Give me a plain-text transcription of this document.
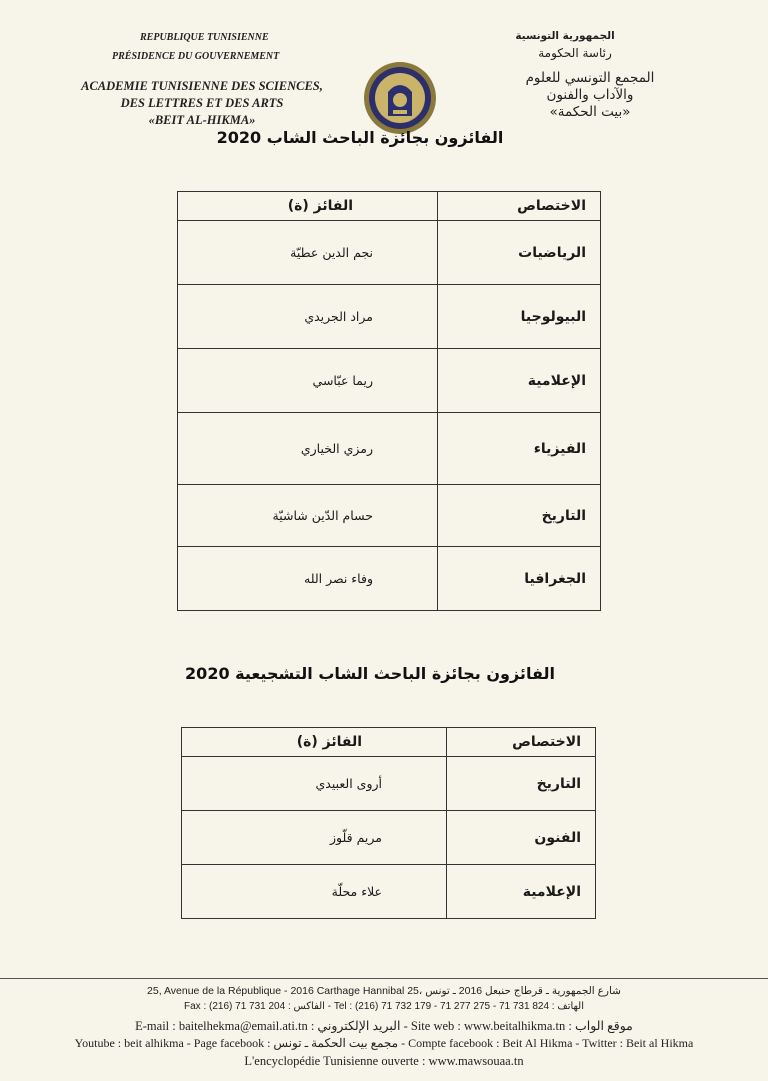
REPUBLIQUE TUNISIENNE
PRÉSIDENCE DU GOUVERNEMENT
ACADEMIE TUNISIENNE DES SCIENCES,
DES LETTRES ET DES ARTS
«BEIT AL-HIKMA»
الجمهورية التونسية
رئاسة الحكومة
المجمع التونسي للعلوم
والآداب والفنون
«بيت الحكمة»
الفائزون بجائزة الباحث الشاب 2020
الاختصاص	الفائز (ة)
الرياضيات	نجم الدين عطيّة
البيولوجيا	مراد الجريدي
الإعلامية	ريما عبّاسي
الفيزياء	رمزي الخياري
التاريخ	حسام الدّين شاشيّة
الجغرافيا	وفاء نصر الله
الفائزون بجائزة الباحث الشاب التشجيعية 2020
الاختصاص	الفائز (ة)
التاريخ	أروى العبيدي
الفنون	مريم قلّوز
الإعلامية	علاء محلّة
25, Avenue de la République - 2016 Carthage Hannibal 25، شارع الجمهورية ـ قرطاج حنبعل 2016 ـ تونس
Fax : (216) 71 731 204 : الفاكس - Tel : (216) 71 732 179 - 71 277 275 - 71 731 824 : الهاتف
E-mail : baitelhekma@email.ati.tn : البريد الإلكتروني - Site web : www.beitalhikma.tn : موقع الواب
Youtube : beit alhikma - Page facebook : مجمع بيت الحكمة ـ تونس - Compte facebook : Beit Al Hikma - Twitter : Beit al Hikma
L'encyclopédie Tunisienne ouverte : www.mawsouaa.tn
